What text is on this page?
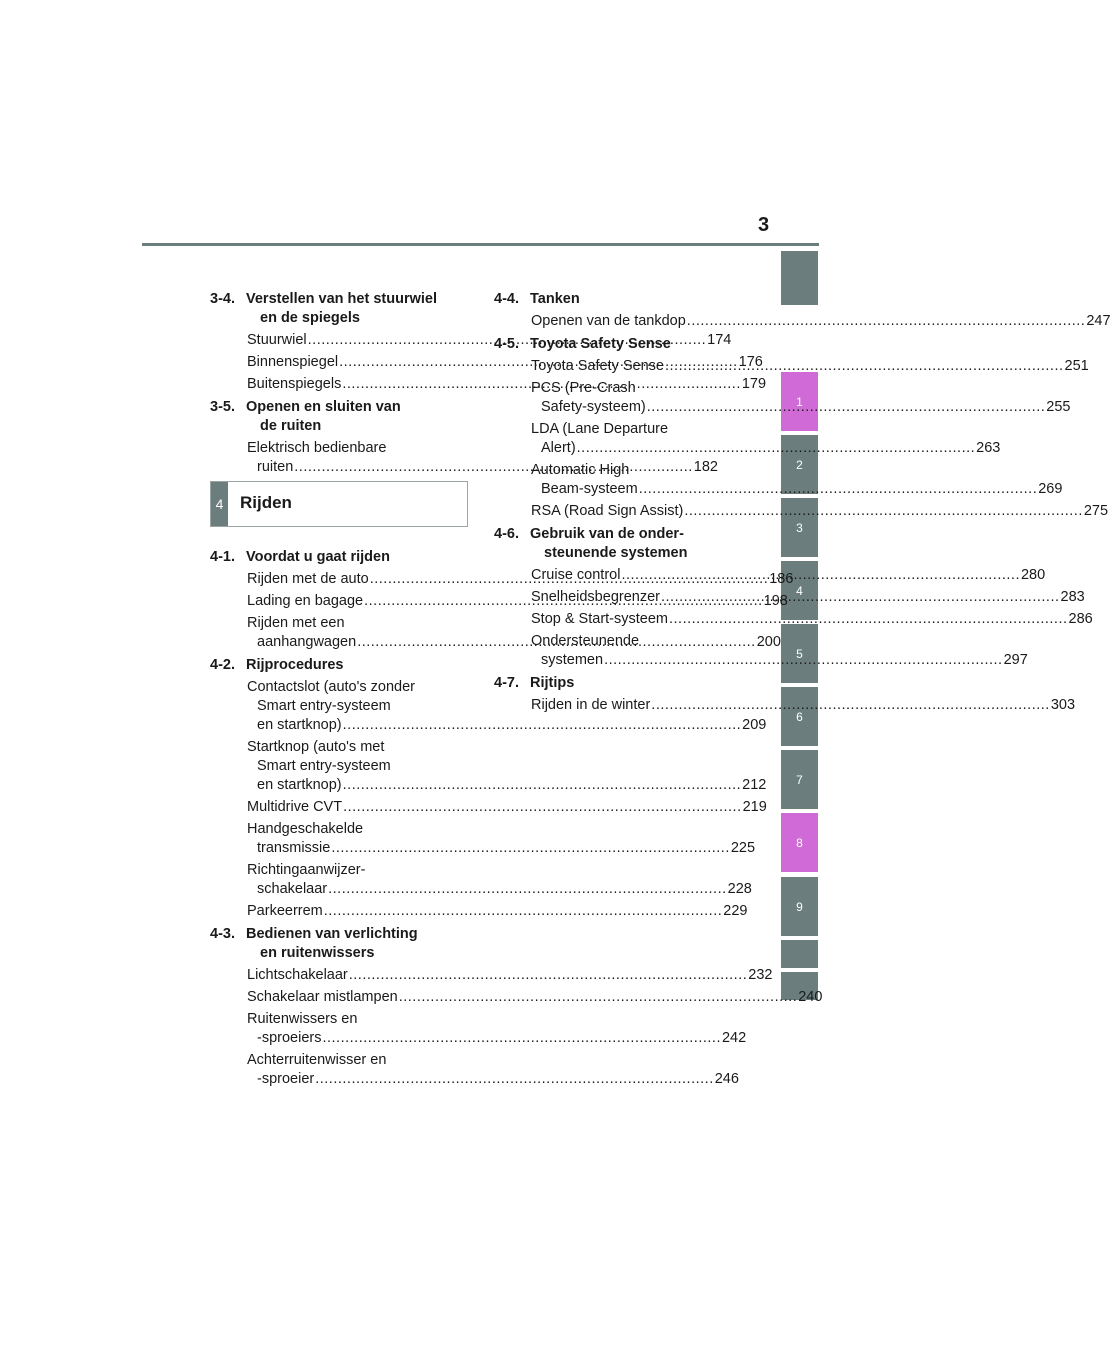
3
1
2
3
4
5
6
7
8
9
3-4. Verstellen van het stuurwiel
en de spiegels
Stuurwiel .....	174
Binnenspiegel .....	176
Buitenspiegels .....	179
3-5. Openen en sluiten van
de ruiten
Elektrisch bedienbare
ruiten .....	182
4 Rijden
4-1. Voordat u gaat rijden
Rijden met de auto .....	186
Lading en bagage .....	198
Rijden met een
aanhangwagen .....	200
4-2. Rijprocedures
Contactslot (auto's zonder
Smart entry-systeem
en startknop) .....	209
Startknop (auto's met
Smart entry-systeem
en startknop) .....	212
Multidrive CVT .....	219
Handgeschakelde
transmissie .....	225
Richtingaanwijzer-
schakelaar .....	228
Parkeerrem .....	229
4-3. Bedienen van verlichting
en ruitenwissers
Lichtschakelaar .....	232
Schakelaar mistlampen .....	240
Ruitenwissers en
-sproeiers .....	242
Achterruitenwisser en
-sproeier .....	246
4-4. Tanken
Openen van de tankdop .....	247
4-5. Toyota Safety Sense
Toyota Safety Sense .....	251
PCS (Pre-Crash
Safety-systeem) .....	255
LDA (Lane Departure
Alert) .....	263
Automatic High
Beam-systeem .....	269
RSA (Road Sign Assist) .....	275
4-6. Gebruik van de onder-
steunende systemen
Cruise control .....	280
Snelheidsbegrenzer .....	283
Stop & Start-systeem .....	286
Ondersteunende
systemen .....	297
4-7. Rijtips
Rijden in de winter .....	303
